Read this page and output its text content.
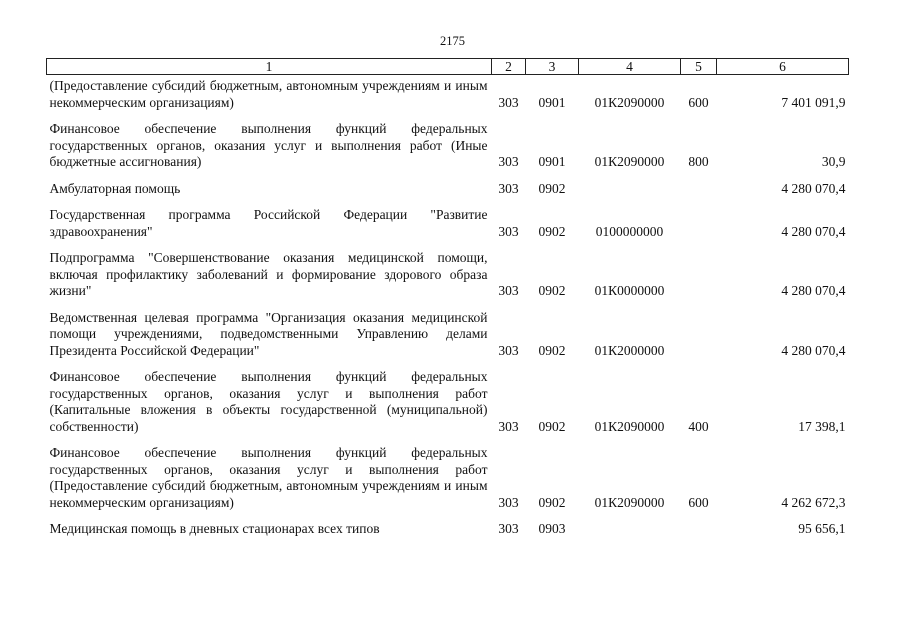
2175
1	2	3	4	5	6
(Предоставление субсидий бюджетным, автономным учреждениям и иным некоммерческим организациям)	303	0901	01К2090000	600	7 401 091,9
Финансовое обеспечение выполнения функций федеральных государственных органов, оказания услуг и выполнения работ (Иные бюджетные ассигнования)	303	0901	01К2090000	800	30,9
Амбулаторная помощь	303	0902			4 280 070,4
Государственная программа Российской Федерации "Развитие здравоохранения"	303	0902	0100000000		4 280 070,4
Подпрограмма "Совершенствование оказания медицинской помощи, включая профилактику заболеваний и формирование здорового образа жизни"	303	0902	01К0000000		4 280 070,4
Ведомственная целевая программа "Организация оказания медицинской помощи учреждениями, подведомственными Управлению делами Президента Российской Федерации"	303	0902	01К2000000		4 280 070,4
Финансовое обеспечение выполнения функций федеральных государственных органов, оказания услуг и выполнения работ (Капитальные вложения в объекты государственной (муниципальной) собственности)	303	0902	01К2090000	400	17 398,1
Финансовое обеспечение выполнения функций федеральных государственных органов, оказания услуг и выполнения работ (Предоставление субсидий бюджетным, автономным учреждениям и иным некоммерческим организациям)	303	0902	01К2090000	600	4 262 672,3
Медицинская помощь в дневных стационарах всех типов	303	0903			95 656,1
